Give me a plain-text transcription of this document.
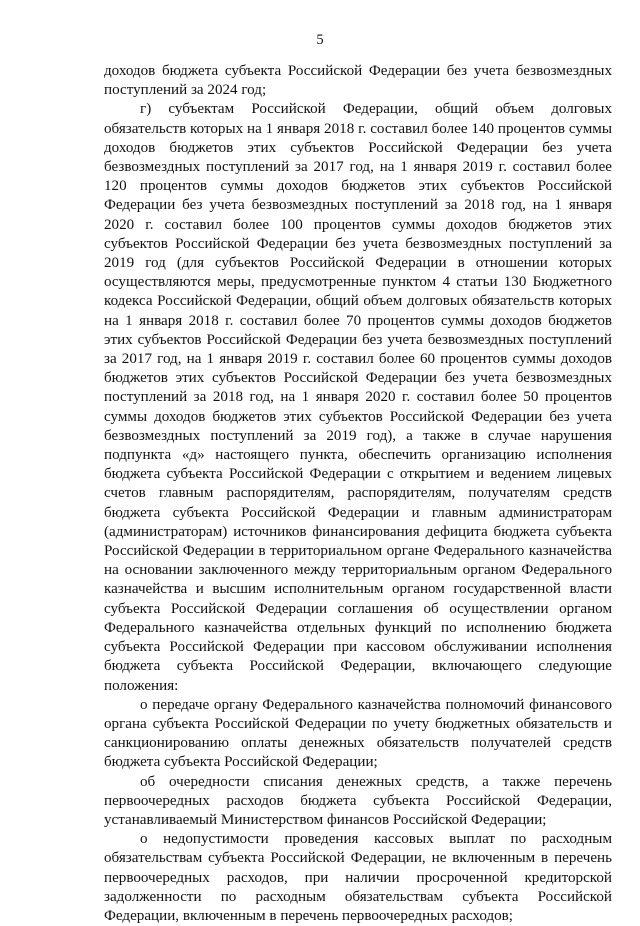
5

доходов бюджета субъекта Российской Федерации без учета безвозмездных поступлений за 2024 год;

г) субъектам Российской Федерации, общий объем долговых обязательств которых на 1 января 2018 г. составил более 140 процентов суммы доходов бюджетов этих субъектов Российской Федерации без учета безвозмездных поступлений за 2017 год, на 1 января 2019 г. составил более 120 процентов суммы доходов бюджетов этих субъектов Российской Федерации без учета безвозмездных поступлений за 2018 год, на 1 января 2020 г. составил более 100 процентов суммы доходов бюджетов этих субъектов Российской Федерации без учета безвозмездных поступлений за 2019 год (для субъектов Российской Федерации в отношении которых осуществляются меры, предусмотренные пунктом 4 статьи 130 Бюджетного кодекса Российской Федерации, общий объем долговых обязательств которых на 1 января 2018 г. составил более 70 процентов суммы доходов бюджетов этих субъектов Российской Федерации без учета безвозмездных поступлений за 2017 год, на 1 января 2019 г. составил более 60 процентов суммы доходов бюджетов этих субъектов Российской Федерации без учета безвозмездных поступлений за 2018 год, на 1 января 2020 г. составил более 50 процентов суммы доходов бюджетов этих субъектов Российской Федерации без учета безвозмездных поступлений за 2019 год), а также в случае нарушения подпункта «д» настоящего пункта, обеспечить организацию исполнения бюджета субъекта Российской Федерации с открытием и ведением лицевых счетов главным распорядителям, распорядителям, получателям средств бюджета субъекта Российской Федерации и главным администраторам (администраторам) источников финансирования дефицита бюджета субъекта Российской Федерации в территориальном органе Федерального казначейства на основании заключенного между территориальным органом Федерального казначейства и высшим исполнительным органом государственной власти субъекта Российской Федерации соглашения об осуществлении органом Федерального казначейства отдельных функций по исполнению бюджета субъекта Российской Федерации при кассовом обслуживании исполнения бюджета субъекта Российской Федерации, включающего следующие положения:

о передаче органу Федерального казначейства полномочий финансового органа субъекта Российской Федерации по учету бюджетных обязательств и санкционированию оплаты денежных обязательств получателей средств бюджета субъекта Российской Федерации;

об очередности списания денежных средств, а также перечень первоочередных расходов бюджета субъекта Российской Федерации, устанавливаемый Министерством финансов Российской Федерации;

о недопустимости проведения кассовых выплат по расходным обязательствам субъекта Российской Федерации, не включенным в перечень первоочередных расходов, при наличии просроченной кредиторской задолженности по расходным обязательствам субъекта Российской Федерации, включенным в перечень первоочередных расходов;
